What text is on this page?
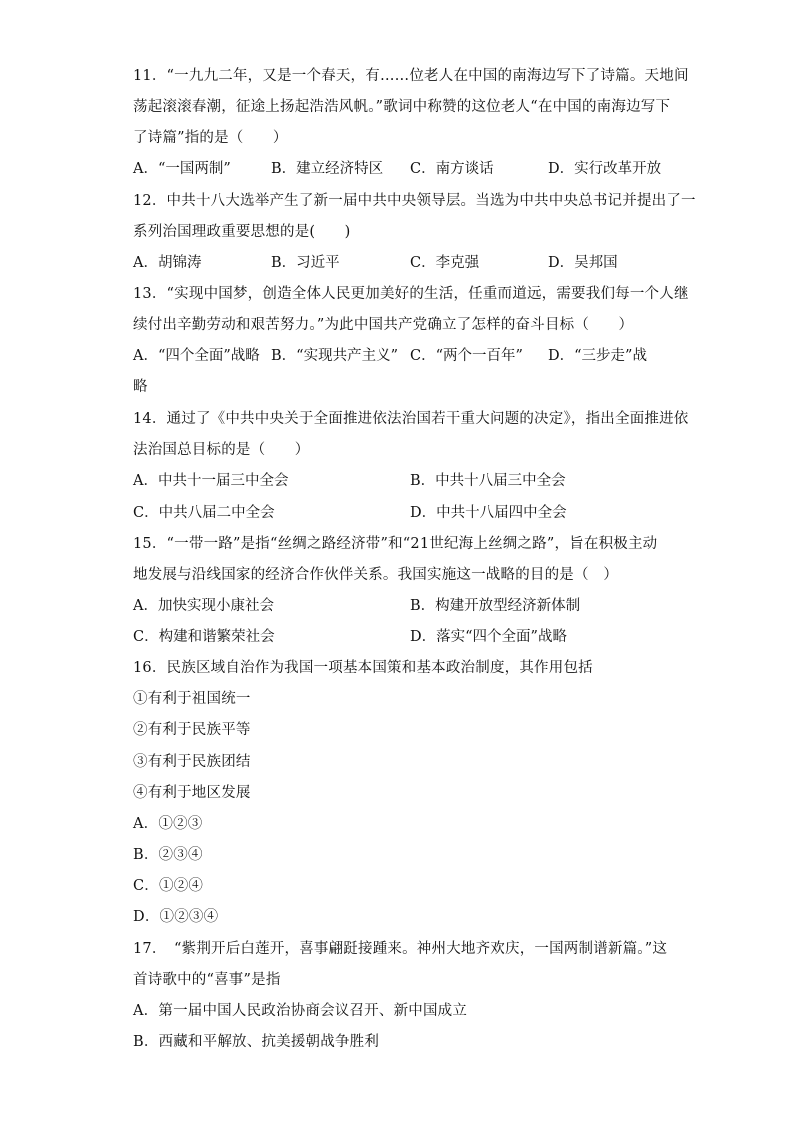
11．“一九九二年，又是一个春天，有……位老人在中国的南海边写下了诗篇。天地间
荡起滚滚春潮，征途上扬起浩浩风帆。”歌词中称赞的这位老人“在中国的南海边写下
了诗篇”指的是（　　）
A．“一国两制”	B．建立经济特区 C．南方谈话	D．实行改革开放
12．中共十八大选举产生了新一届中共中央领导层。当选为中共中央总书记并提出了一
系列治国理政重要思想的是(　　)
A．胡锦涛	B．习近平	C．李克强	D．吴邦国
13．“实现中国梦，创造全体人民更加美好的生活，任重而道远，需要我们每一个人继
续付出辛勤劳动和艰苦努力。”为此中国共产党确立了怎样的奋斗目标（　　）
A．“四个全面”战略 B．“实现共产主义” C．“两个一百年” D．“三步走”战
略
14．通过了《中共中央关于全面推进依法治国若干重大问题的决定》，指出全面推进依
法治国总目标的是（　　）
A．中共十一届三中全会	B．中共十八届三中全会
C．中共八届二中全会	D．中共十八届四中全会
15．“一带一路”是指“丝绸之路经济带”和“21世纪海上丝绸之路”，旨在积极主动
地发展与沿线国家的经济合作伙伴关系。我国实施这一战略的目的是（　）
A．加快实现小康社会	B．构建开放型经济新体制
C．构建和谐繁荣社会	D．落实“四个全面”战略
16．民族区域自治作为我国一项基本国策和基本政治制度，其作用包括
①有利于祖国统一
②有利于民族平等
③有利于民族团结
④有利于地区发展
A．①②③
B．②③④
C．①②④
D．①②③④
17．　“紫荆开后白莲开，喜事翩跹接踵来。神州大地齐欢庆，一国两制谱新篇。”这
首诗歌中的“喜事”是指
A．第一届中国人民政治协商会议召开、新中国成立
B．西藏和平解放、抗美援朝战争胜利
